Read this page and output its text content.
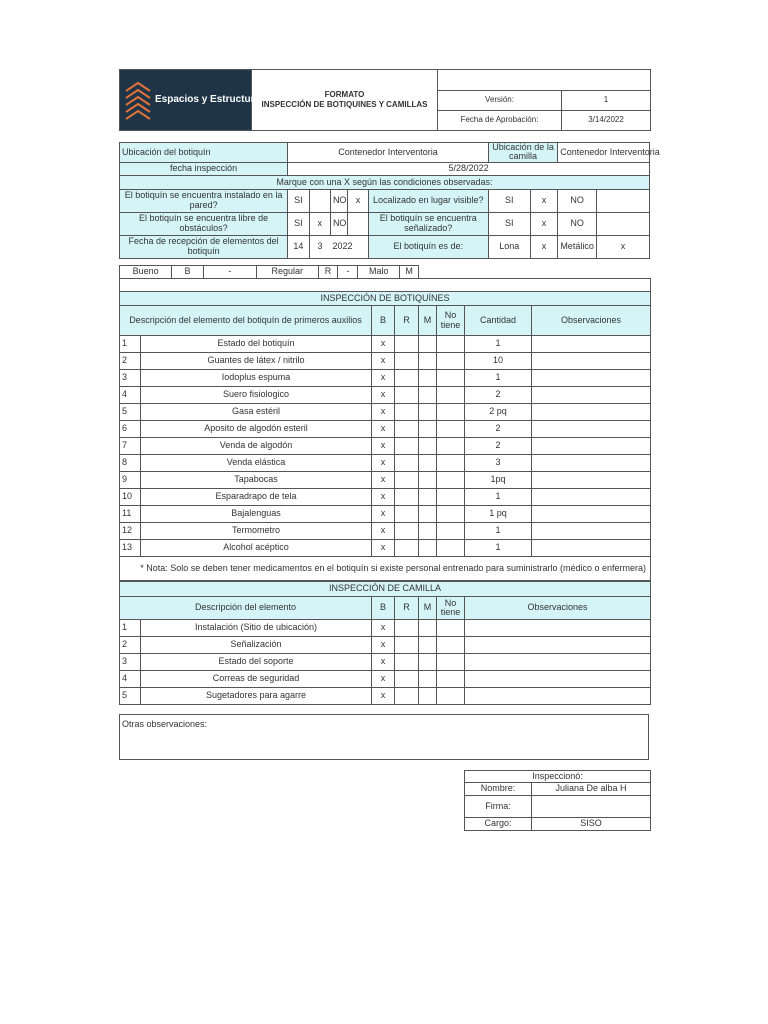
Espacios y Estructuras	FORMATO
INSPECCIÓN DE BOTIQUINES Y CAMILLAS		

		Versión:	1
		Fecha de Aprobación:	3/14/2022
Ubicación del botiquín	Contenedor Interventoria					Ubicación de la camilla		Contenedor Interventoria	
fecha inspección	5/28/2022								
Marque con una X según las condiciones observadas:									
El botiquín se encuentra instalado en la pared?	SI		NO	x	Localizado en lugar visible?	SI	x	NO	
El botiquín se encuentra libre de obstáculos?	SI	x	NO		El botiquín se encuentra señalizado?	SI	x	NO	
Fecha de recepción de elementos del botiquín	14	3	2022		El botiquín es de:	Lona	x	Metálico	x
Bueno	B	-	Regular	R	-	Malo	M

INSPECCIÓN DE BOTIQUÍNES							
Descripción del elemento del botiquín de primeros auxilios		B	R	M	No tiene	Cantidad	Observaciones
1	Estado del botiquín	x				1	
2	Guantes de látex / nitrilo	x				10	
3	Iodoplus espuma	x				1	
4	Suero fisiologico	x				2	
5	Gasa estéril	x				2 pq	
6	Aposito de algodón esteril	x				2	
7	Venda de algodón	x				2	
8	Venda elástica	x				3	
9	Tapabocas	x				1pq	
10	Esparadrapo de tela	x				1	
11	Bajalenguas	x				1 pq	
12	Termometro	x				1	
13	Alcohol acéptico	x				1	
* Nota: Solo se deben tener medicamentos en el botiquín si existe personal entrenado para suministrarlo (médico o enfermera)							
INSPECCIÓN DE CAMILLA						
Descripción del elemento		B	R	M	No tiene	Observaciones
1	Instalación (Sitio de ubicación)	x				
2	Señalización	x				
3	Estado del soporte	x				
4	Correas de seguridad	x				
5	Sugetadores para agarre	x				
Otras observaciones:
Inspeccionó:	
Nombre:	Juliana De alba H
Firma:	
Cargo:	SISO
